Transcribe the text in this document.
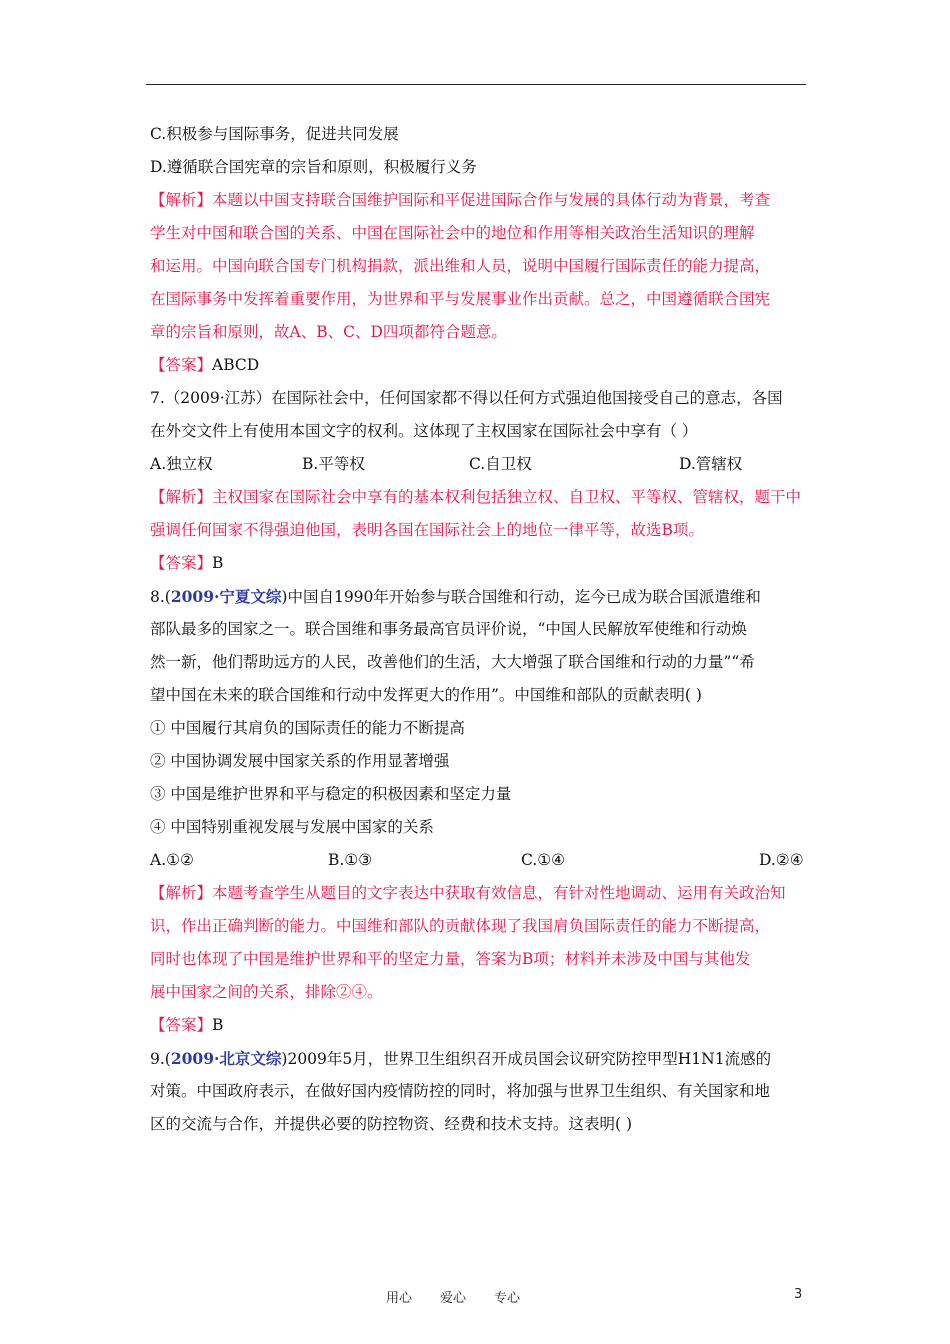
C.积极参与国际事务，促进共同发展
D.遵循联合国宪章的宗旨和原则，积极履行义务
【解析】本题以中国支持联合国维护国际和平促进国际合作与发展的具体行动为背景，考查
学生对中国和联合国的关系、中国在国际社会中的地位和作用等相关政治生活知识的理解
和运用。中国向联合国专门机构捐款，派出维和人员，说明中国履行国际责任的能力提高，
在国际事务中发挥着重要作用，为世界和平与发展事业作出贡献。总之，中国遵循联合国宪
章的宗旨和原则，故A、B、C、D四项都符合题意。
【答案】ABCD
7.（2009·江苏）在国际社会中，任何国家都不得以任何方式强迫他国接受自己的意志，各国
在外交文件上有使用本国文字的权利。这体现了主权国家在国际社会中享有（ ）
A.独立权	B.平等权	C.自卫权	D.管辖权
【解析】主权国家在国际社会中享有的基本权利包括独立权、自卫权、平等权、管辖权，题干中
强调任何国家不得强迫他国，表明各国在国际社会上的地位一律平等，故选B项。
【答案】B
8.(2009·宁夏文综)中国自1990年开始参与联合国维和行动，迄今已成为联合国派遣维和
部队最多的国家之一。联合国维和事务最高官员评价说，“中国人民解放军使维和行动焕
然一新，他们帮助远方的人民，改善他们的生活，大大增强了联合国维和行动的力量”“希
望中国在未来的联合国维和行动中发挥更大的作用”。中国维和部队的贡献表明( )
① 中国履行其肩负的国际责任的能力不断提高
② 中国协调发展中国家关系的作用显著增强
③ 中国是维护世界和平与稳定的积极因素和坚定力量
④ 中国特别重视发展与发展中国家的关系
A.①②	B.①③	C.①④	D.②④
【解析】本题考查学生从题目的文字表达中获取有效信息，有针对性地调动、运用有关政治知
识，作出正确判断的能力。中国维和部队的贡献体现了我国肩负国际责任的能力不断提高，
同时也体现了中国是维护世界和平的坚定力量，答案为B项；材料并未涉及中国与其他发
展中国家之间的关系，排除②④。
【答案】B
9.(2009·北京文综)2009年5月，世界卫生组织召开成员国会议研究防控甲型H1N1流感的
对策。中国政府表示，在做好国内疫情防控的同时，将加强与世界卫生组织、有关国家和地
区的交流与合作，并提供必要的防控物资、经费和技术支持。这表明( )
用心 爱心 专心	3
